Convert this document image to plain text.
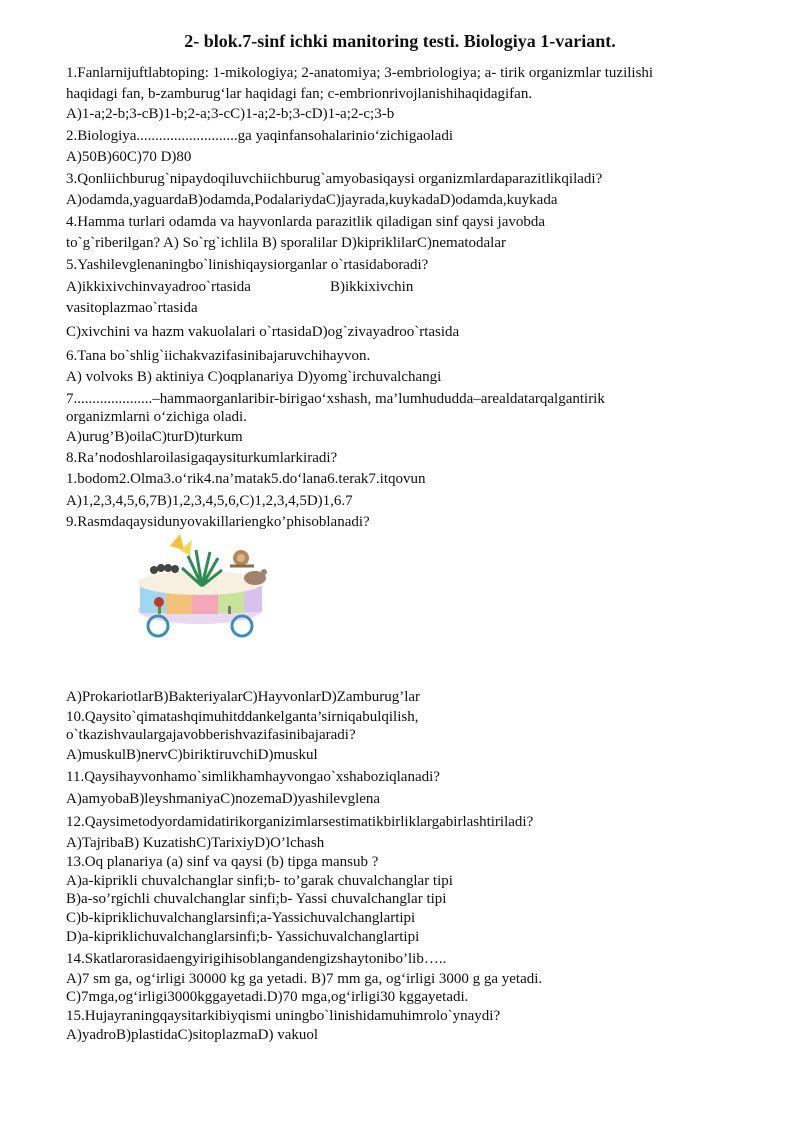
2- blok.7-sinf ichki manitoring testi. Biologiya 1-variant.
1.Fanlarnijuftlabtoping: 1-mikologiya; 2-anatomiya; 3-embriologiya; a- tirik organizmlar tuzilishi
haqidagi fan, b-zamburug‘lar haqidagi fan; c-embrionrivojlanishihaqidagifan.
A)1-a;2-b;3-cB)1-b;2-a;3-cC)1-a;2-b;3-cD)1-a;2-c;3-b
2.Biologiya...........................ga yaqinfansohalarinio‘zichigaoladi
A)50B)60C)70 D)80
3.Qonliichburug`nipaydoqiluvchiichburug`amyobasiqaysi organizmlardaparazitlikqiladi?
A)odamda,yaguardaB)odamda,PodalariydaC)jayrada,kuykadaD)odamda,kuykada
4.Hamma turlari odamda va hayvonlarda parazitlik qiladigan sinf qaysi javobda
to`g`riberilgan? A) So`rg`ichlila B) sporalilar D)kipriklilarC)nematodalar
5.Yashilevglenaningbo`linishiqaysiorganlar o`rtasidaboradi?
A)ikkixivchinvayadroo`rtasida	B)ikkixivchin
vasitoplazmao`rtasida
C)xivchini va hazm vakuolalari o`rtasidaD)og`zivayadroo`rtasida
6.Tana bo`shlig`iichakvazifasinibajaruvchihayvon.
A) volvoks B) aktiniya C)oqplanariya D)yomg`irchuvalchangi
7.....................–hammaorganlaribir-birigao‘xshash, ma’lumhududda–arealdatarqalgantirik
organizmlarni o‘zichiga oladi.
A)urug’B)oilaC)turD)turkum
8.Ra’nodoshlaroilasigaqaysiturkumlarkiradi?
1.bodom2.Olma3.o‘rik4.na’matak5.do‘lana6.terak7.itqovun
A)1,2,3,4,5,6,7B)1,2,3,4,5,6,C)1,2,3,4,5D)1,6.7
9.Rasmdaqaysidunyovakillariengko’phisoblanadi?
A)ProkariotlarB)BakteriyalarC)HayvonlarD)Zamburug’lar
10.Qaysito`qimatashqimuhitddankelganta’sirniqabulqilish,
o`tkazishvaulargajavobberishvazifasinibajaradi?
A)muskulB)nervC)biriktiruvchiD)muskul
11.Qaysihayvonhamo`simlikhamhayvongao`xshaboziqlanadi?
A)amyobaB)leyshmaniyaC)nozemaD)yashilevglena
12.Qaysimetodyordamidatirikorganizimlarsestimatikbirliklargabirlashtiriladi?
A)TajribaB) KuzatishC)TarixiyD)O’lchash
13.Oq planariya (a) sinf va qaysi (b) tipga mansub ?
A)a-kiprikli chuvalchanglar sinfi;b- to’garak chuvalchanglar tipi
B)a-so’rgichli chuvalchanglar sinfi;b- Yassi chuvalchanglar tipi
C)b-kipriklichuvalchanglarsinfi;a-Yassichuvalchanglartipi
D)a-kipriklichuvalchanglarsinfi;b- Yassichuvalchanglartipi
14.Skatlarorasidaengyirigihisoblangandengizshaytonibo’lib…..
A)7 sm ga, og‘irligi 30000 kg ga yetadi. B)7 mm ga, og‘irligi 3000 g ga yetadi.
C)7mga,og‘irligi3000kggayetadi.D)70 mga,og‘irligi30 kggayetadi.
15.Hujayraningqaysitarkibiyqismi uningbo`linishidamuhimrolo`ynaydi?
A)yadroB)plastidaC)sitoplazmaD) vakuol
